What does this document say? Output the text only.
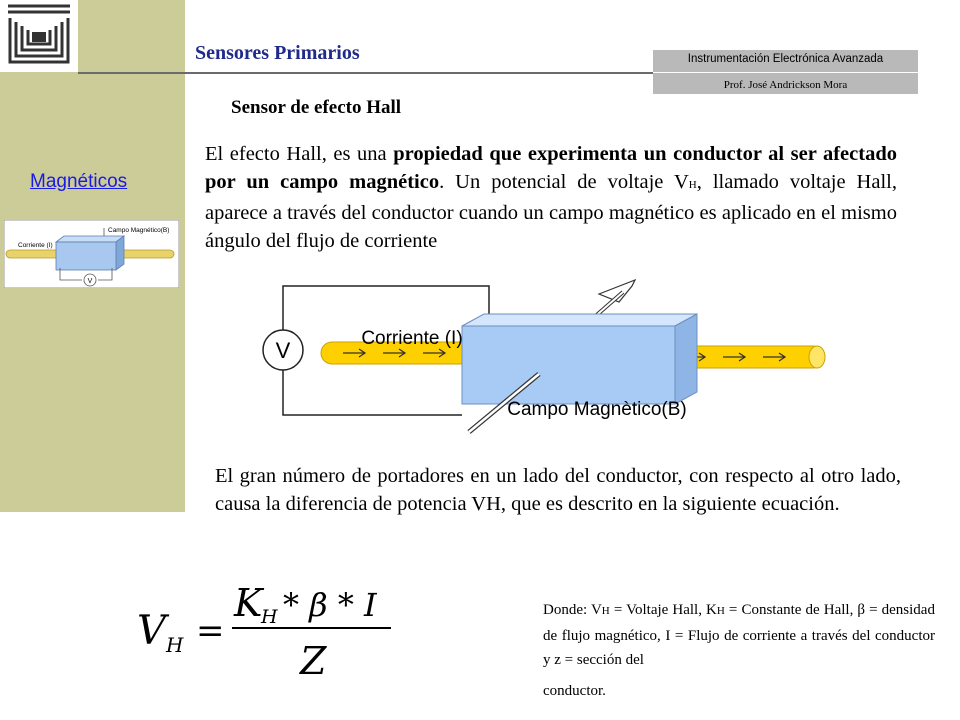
Sensores Primarios	Instrumentación Electrónica Avanzada
Prof. José Andrickson Mora
Sensor de efecto Hall
Magnéticos
V
Corriente (I)
Campo Magnético(B)
El efecto Hall, es una propiedad que experimenta un conductor al ser afectado por un campo magnético. Un potencial de voltaje VH, llamado voltaje Hall, aparece a través del conductor cuando un campo magnético es aplicado en el mismo ángulo del flujo de corriente
V	Corriente (I)
Campo Magnètico(B)
El gran número de portadores en un lado del conductor, con respecto al otro lado, causa la diferencia de potencia VH, que es descrito en la siguiente ecuación.
V H =
K
H * β * I
Z
Donde: VH = Voltaje Hall, KH = Constante de Hall, β = densidad de flujo magnético, I = Flujo de corriente a través del conductor y z = sección del
conductor.
